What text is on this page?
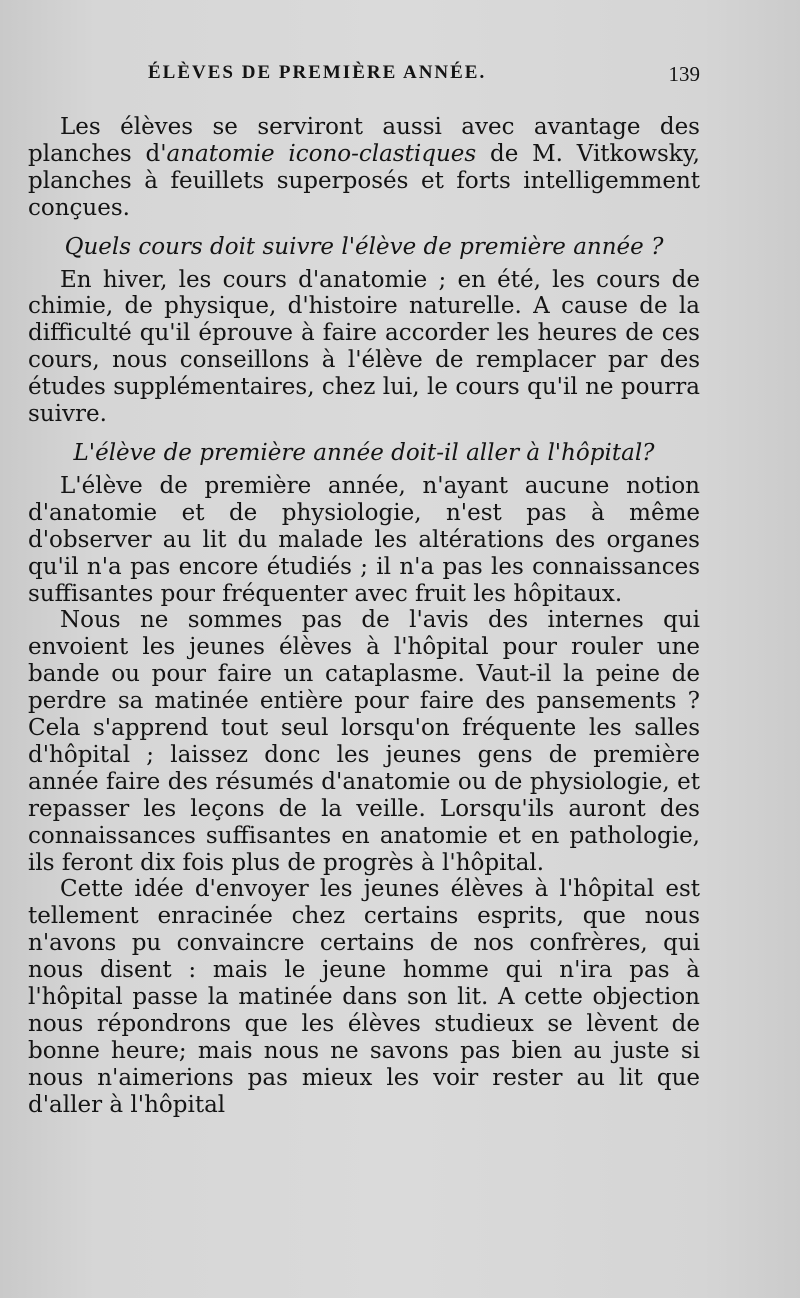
ÉLÈVES DE PREMIÈRE ANNÉE.	139

Les élèves se serviront aussi avec avantage des planches d'anatomie icono-clastiques de M. Vitkowsky, planches à feuillets superposés et forts intelligemment conçues.

Quels cours doit suivre l'élève de première année ?

En hiver, les cours d'anatomie ; en été, les cours de chimie, de physique, d'histoire naturelle. A cause de la difficulté qu'il éprouve à faire accorder les heures de ces cours, nous conseillons à l'élève de remplacer par des études supplémentaires, chez lui, le cours qu'il ne pourra suivre.

L'élève de première année doit-il aller à l'hôpital?

L'élève de première année, n'ayant aucune notion d'anatomie et de physiologie, n'est pas à même d'observer au lit du malade les altérations des organes qu'il n'a pas encore étudiés ; il n'a pas les connaissances suffisantes pour fréquenter avec fruit les hôpitaux.

Nous ne sommes pas de l'avis des internes qui envoient les jeunes élèves à l'hôpital pour rouler une bande ou pour faire un cataplasme. Vaut-il la peine de perdre sa matinée entière pour faire des pansements ? Cela s'apprend tout seul lorsqu'on fréquente les salles d'hôpital ; laissez donc les jeunes gens de première année faire des résumés d'anatomie ou de physiologie, et repasser les leçons de la veille. Lorsqu'ils auront des connaissances suffisantes en anatomie et en pathologie, ils feront dix fois plus de progrès à l'hôpital.

Cette idée d'envoyer les jeunes élèves à l'hôpital est tellement enracinée chez certains esprits, que nous n'avons pu convaincre certains de nos confrères, qui nous disent : mais le jeune homme qui n'ira pas à l'hôpital passe la matinée dans son lit. A cette objection nous répondrons que les élèves studieux se lèvent de bonne heure; mais nous ne savons pas bien au juste si nous n'aimerions pas mieux les voir rester au lit que d'aller à l'hôpital
